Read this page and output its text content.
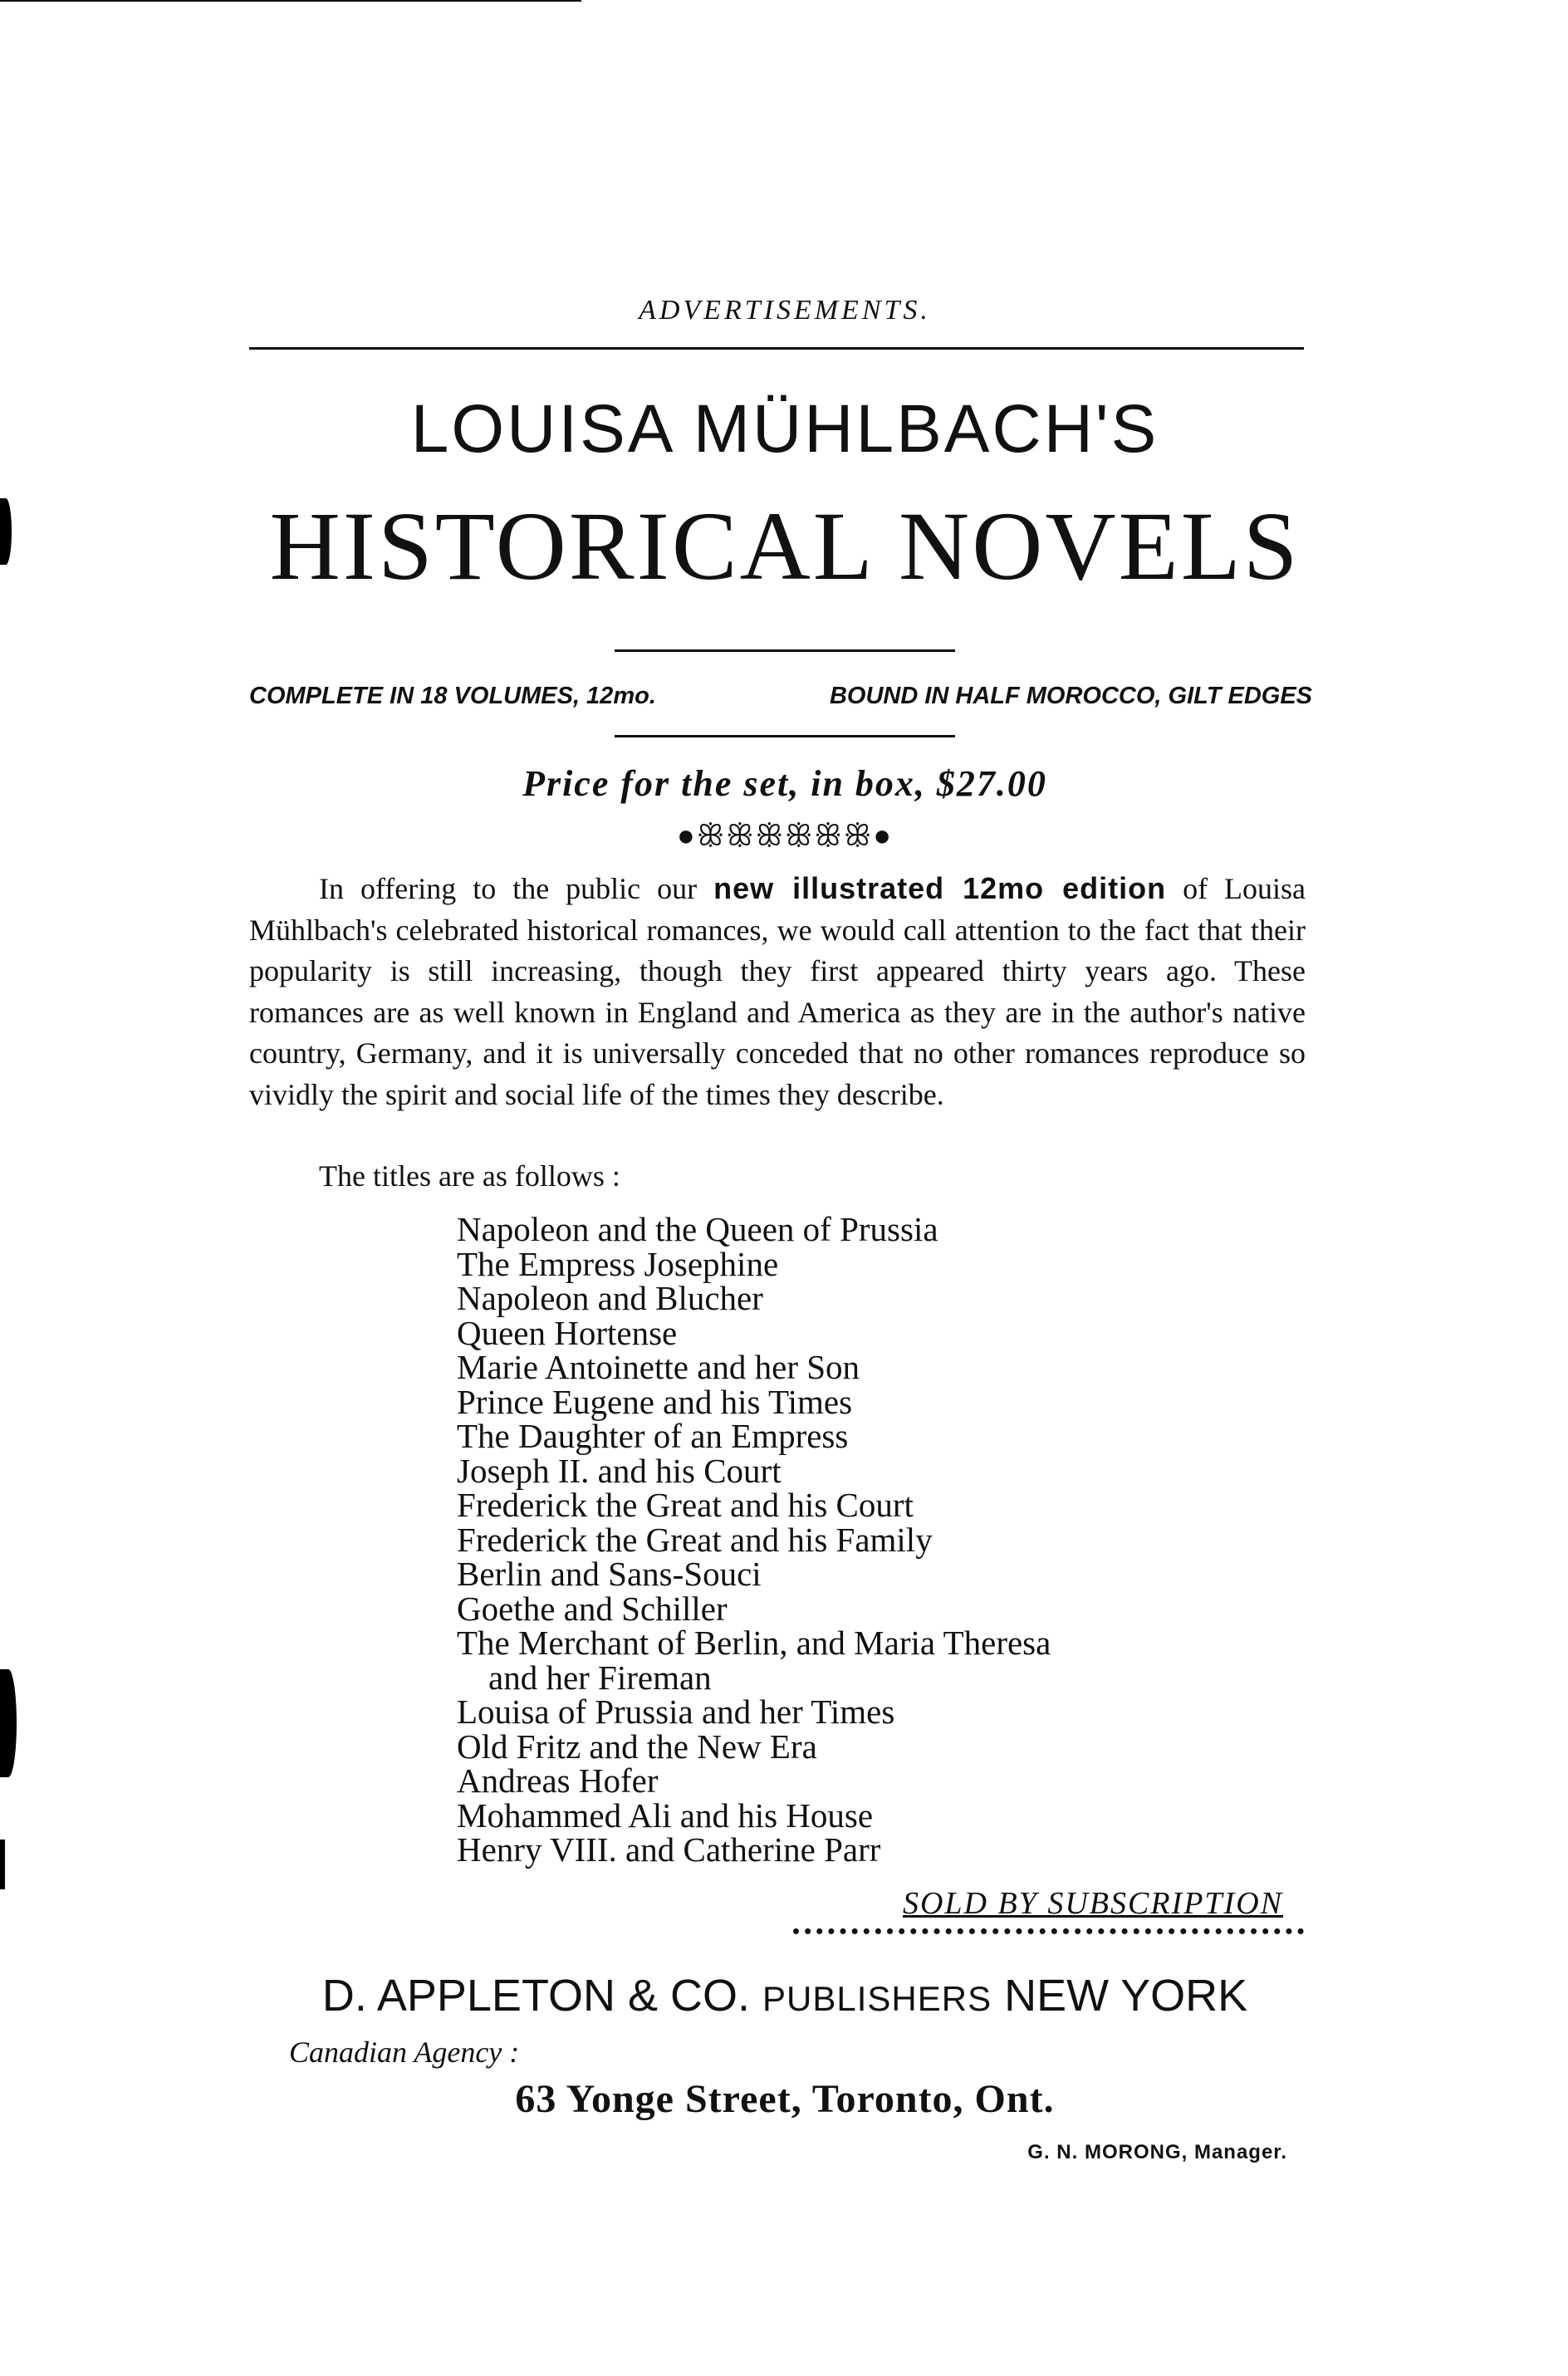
ADVERTISEMENTS.
LOUISA MÜHLBACH'S
HISTORICAL NOVELS
COMPLETE IN 18 VOLUMES, 12mo.	BOUND IN HALF MOROCCO, GILT EDGES
Price for the set, in box, $27.00
●ꕥꕥꕥꕥꕥꕥ●
In offering to the public our new illustrated 12mo edition of Louisa Mühlbach's celebrated historical romances, we would call attention to the fact that their popularity is still increasing, though they first appeared thirty years ago. These romances are as well known in England and America as they are in the author's native country, Germany, and it is universally conceded that no other romances reproduce so vividly the spirit and social life of the times they describe.
The titles are as follows :
Napoleon and the Queen of Prussia
The Empress Josephine
Napoleon and Blucher
Queen Hortense
Marie Antoinette and her Son
Prince Eugene and his Times
The Daughter of an Empress
Joseph II. and his Court
Frederick the Great and his Court
Frederick the Great and his Family
Berlin and Sans-Souci
Goethe and Schiller
The Merchant of Berlin, and Maria Theresa
and her Fireman
Louisa of Prussia and her Times
Old Fritz and the New Era
Andreas Hofer
Mohammed Ali and his House
Henry VIII. and Catherine Parr
SOLD BY SUBSCRIPTION
D. APPLETON & CO. PUBLISHERS NEW YORK
Canadian Agency :
63 Yonge Street, Toronto, Ont.
G. N. MORONG, Manager.
